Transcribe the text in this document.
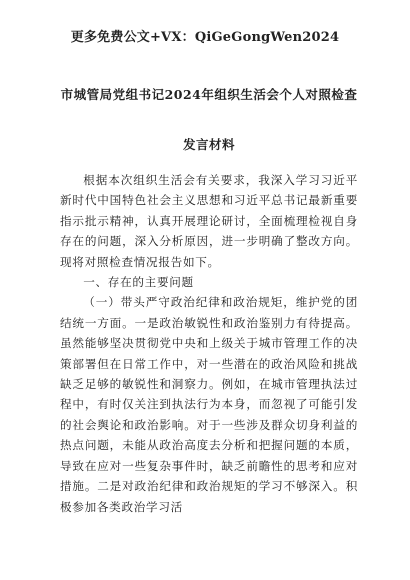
更多免费公文+VX：QiGeGongWen2024
市城管局党组书记2024年组织生活会个人对照检查发言材料

根据本次组织生活会有关要求，我深入学习习近平新时代中国特色社会主义思想和习近平总书记最新重要指示批示精神，认真开展理论研讨，全面梳理检视自身存在的问题，深入分析原因，进一步明确了整改方向。现将对照检查情况报告如下。

一、存在的主要问题

（一）带头严守政治纪律和政治规矩，维护党的团结统一方面。一是政治敏锐性和政治鉴别力有待提高。虽然能够坚决贯彻党中央和上级关于城市管理工作的决策部署但在日常工作中，对一些潜在的政治风险和挑战缺乏足够的敏锐性和洞察力。例如，在城市管理执法过程中，有时仅关注到执法行为本身，而忽视了可能引发的社会舆论和政治影响。对于一些涉及群众切身利益的热点问题，未能从政治高度去分析和把握问题的本质，导致在应对一些复杂事件时，缺乏前瞻性的思考和应对措施。二是对政治纪律和政治规矩的学习不够深入。积极参加各类政治学习活
